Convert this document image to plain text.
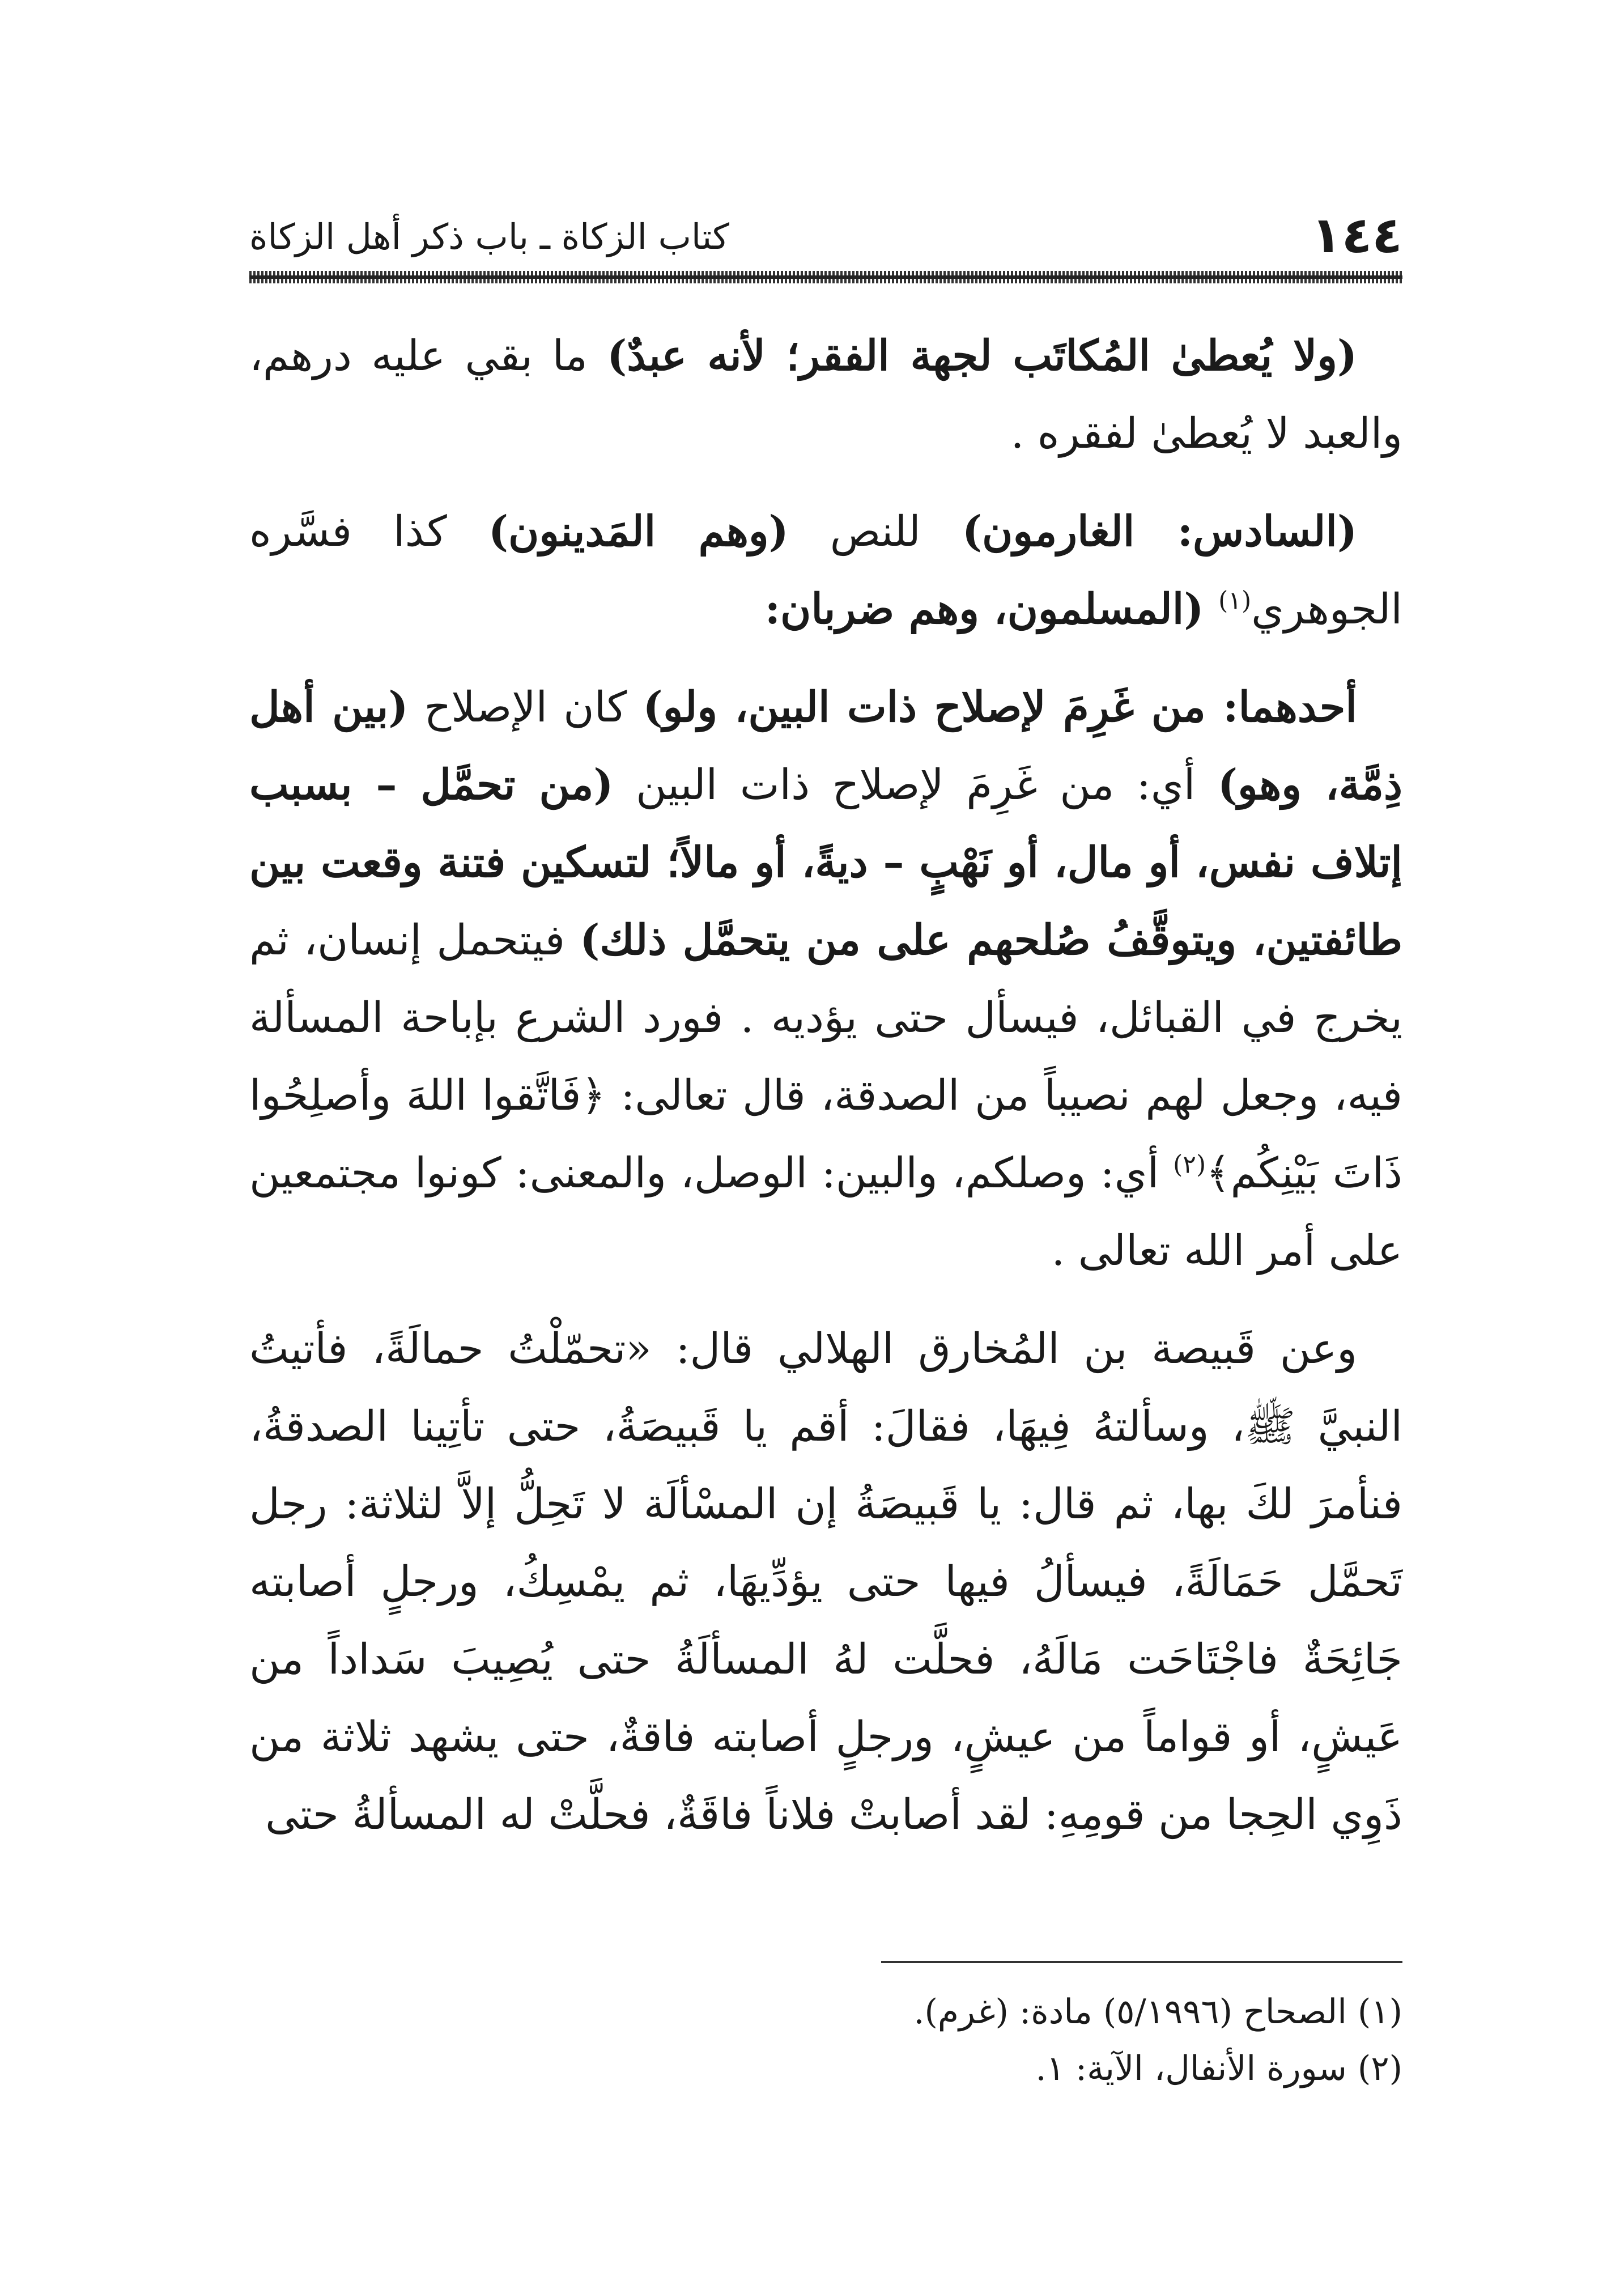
١٤٤
كتاب الزكاة ـ باب ذكر أهل الزكاة

(ولا يُعطىٰ المُكاتَب لجهة الفقر؛ لأنه عبدٌ) ما بقي عليه درهم، والعبد لا يُعطىٰ لفقره .

(السادس: الغارمون) للنص (وهم المَدينون) كذا فسَّره الجوهري$^{(١)}$ (المسلمون، وهم ضربان:

أحدهما: من غَرِمَ لإصلاح ذات البين، ولو) كان الإصلاح (بين أهل ذِمَّة، وهو) أي: من غَرِمَ لإصلاح ذات البين (من تحمَّل – بسبب إتلاف نفس، أو مال، أو نَهْبٍ – ديةً، أو مالاً؛ لتسكين فتنة وقعت بين طائفتين، ويتوقَّفُ صُلحهم على من يتحمَّل ذلك) فيتحمل إنسان، ثم يخرج في القبائل، فيسأل حتى يؤديه . فورد الشرع بإباحة المسألة فيه، وجعل لهم نصيباً من الصدقة، قال تعالى: ﴿فَاتَّقوا اللهَ وأصلِحُوا ذَاتَ بَيْنِكُم﴾$^{(٢)}$ أي: وصلكم، والبين: الوصل، والمعنى: كونوا مجتمعين على أمر الله تعالى .

وعن قَبيصة بن المُخارق الهلالي قال: «تحمّلْتُ حمالَةً، فأتيتُ النبيَّ ﷺ، وسألتهُ فِيهَا، فقالَ: أقم يا قَبيصَةُ، حتى تأتِينا الصدقةُ، فنأمرَ لكَ بها، ثم قال: يا قَبيصَةُ إن المسْألَة لا تَحِلُّ إلاَّ لثلاثة: رجل تَحمَّل حَمَالَةً، فيسألُ فيها حتى يؤدِّيهَا، ثم يمْسِكُ، ورجلٍ أصابته جَائِحَةٌ فاجْتَاحَت مَالَهُ، فحلَّت لهُ المسألَةُ حتى يُصِيبَ سَداداً من عَيشٍ، أو قواماً من عيشٍ، ورجلٍ أصابته فاقةٌ، حتى يشهد ثلاثة من ذَوِي الحِجا من قومِهِ: لقد أصابتْ فلاناً فاقَةٌ، فحلَّتْ له المسألةُ حتى

(١) الصحاح (٥/١٩٩٦) مادة: (غرم).

(٢) سورة الأنفال، الآية: ١.
